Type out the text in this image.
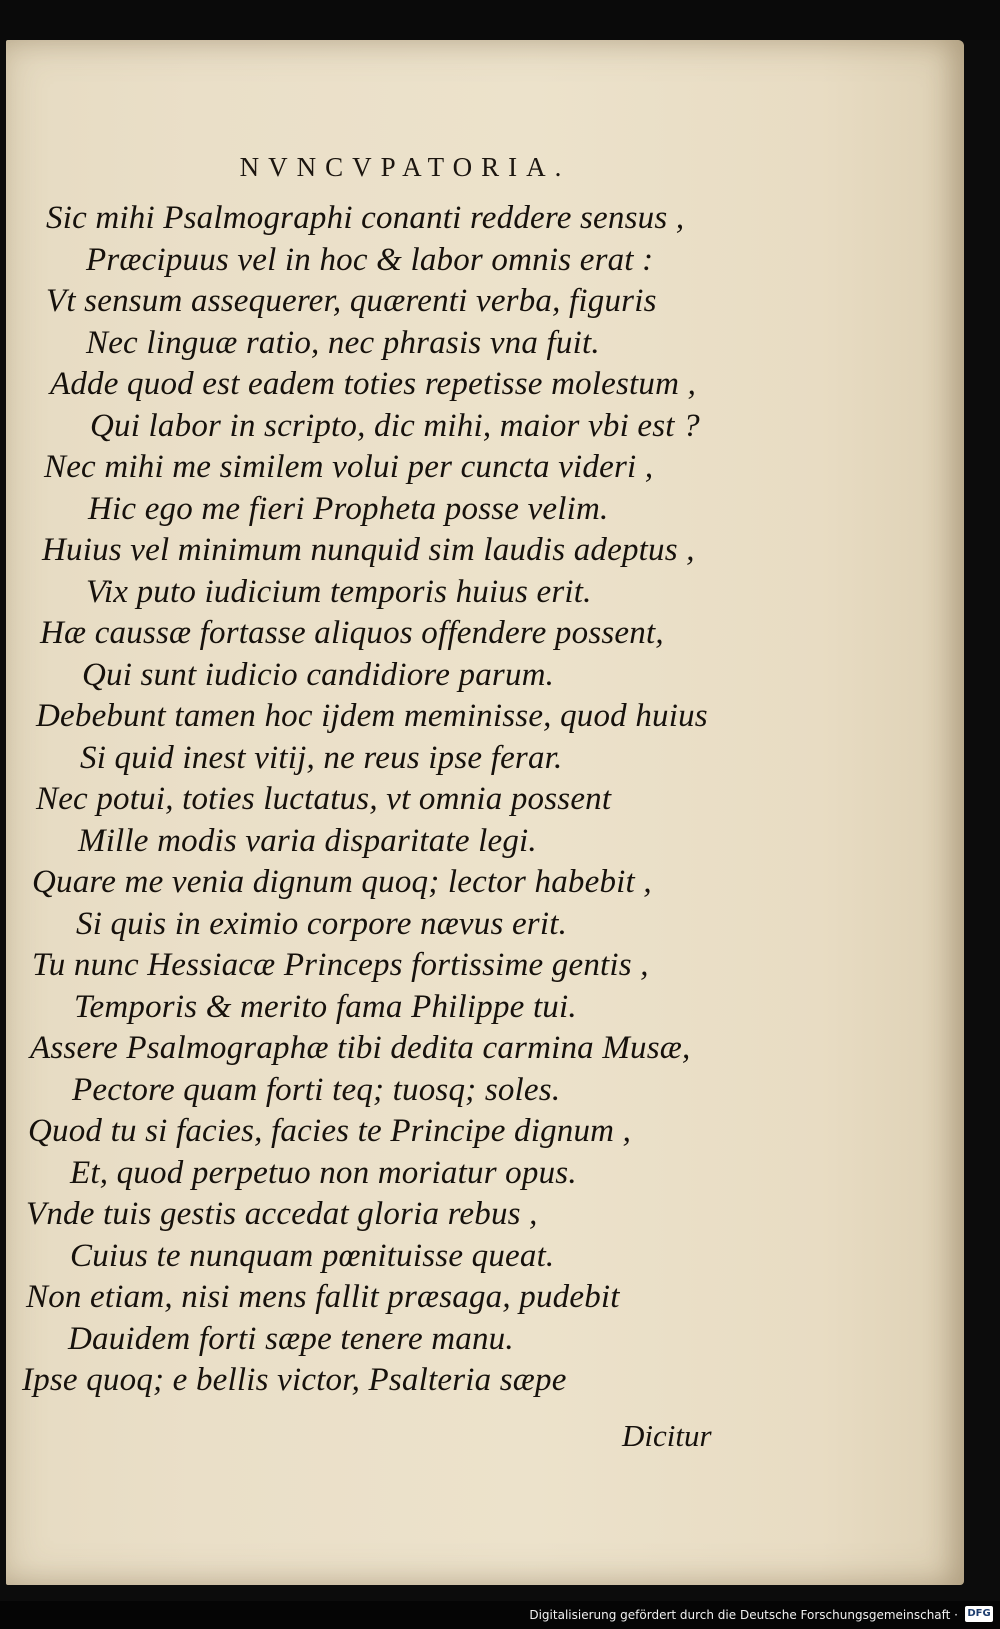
NVNCVPATORIA.
Sic mihi Psalmographi conanti reddere sensus ,
Præcipuus vel in hoc & labor omnis erat :
Vt sensum assequerer, quærenti verba, figuris
Nec linguæ ratio, nec phrasis vna fuit.
Adde quod est eadem toties repetisse molestum ,
Qui labor in scripto, dic mihi, maior vbi est ?
Nec mihi me similem volui per cuncta videri ,
Hic ego me fieri Propheta posse velim.
Huius vel minimum nunquid sim laudis adeptus ,
Vix puto iudicium temporis huius erit.
Hæ caussæ fortasse aliquos offendere possent,
Qui sunt iudicio candidiore parum.
Debebunt tamen hoc ijdem meminisse, quod huius
Si quid inest vitij, ne reus ipse ferar.
Nec potui, toties luctatus, vt omnia possent
Mille modis varia disparitate legi.
Quare me venia dignum quoq; lector habebit ,
Si quis in eximio corpore nævus erit.
Tu nunc Hessiacæ Princeps fortissime gentis ,
Temporis & merito fama Philippe tui.
Assere Psalmographæ tibi dedita carmina Musæ,
Pectore quam forti teq; tuosq; soles.
Quod tu si facies, facies te Principe dignum ,
Et, quod perpetuo non moriatur opus.
Vnde tuis gestis accedat gloria rebus ,
Cuius te nunquam pœnituisse queat.
Non etiam, nisi mens fallit præsaga, pudebit
Dauidem forti sæpe tenere manu.
Ipse quoq; e bellis victor, Psalteria sæpe
Dicitur
Digitalisierung gefördert durch die Deutsche Forschungsgemeinschaft · DFG
